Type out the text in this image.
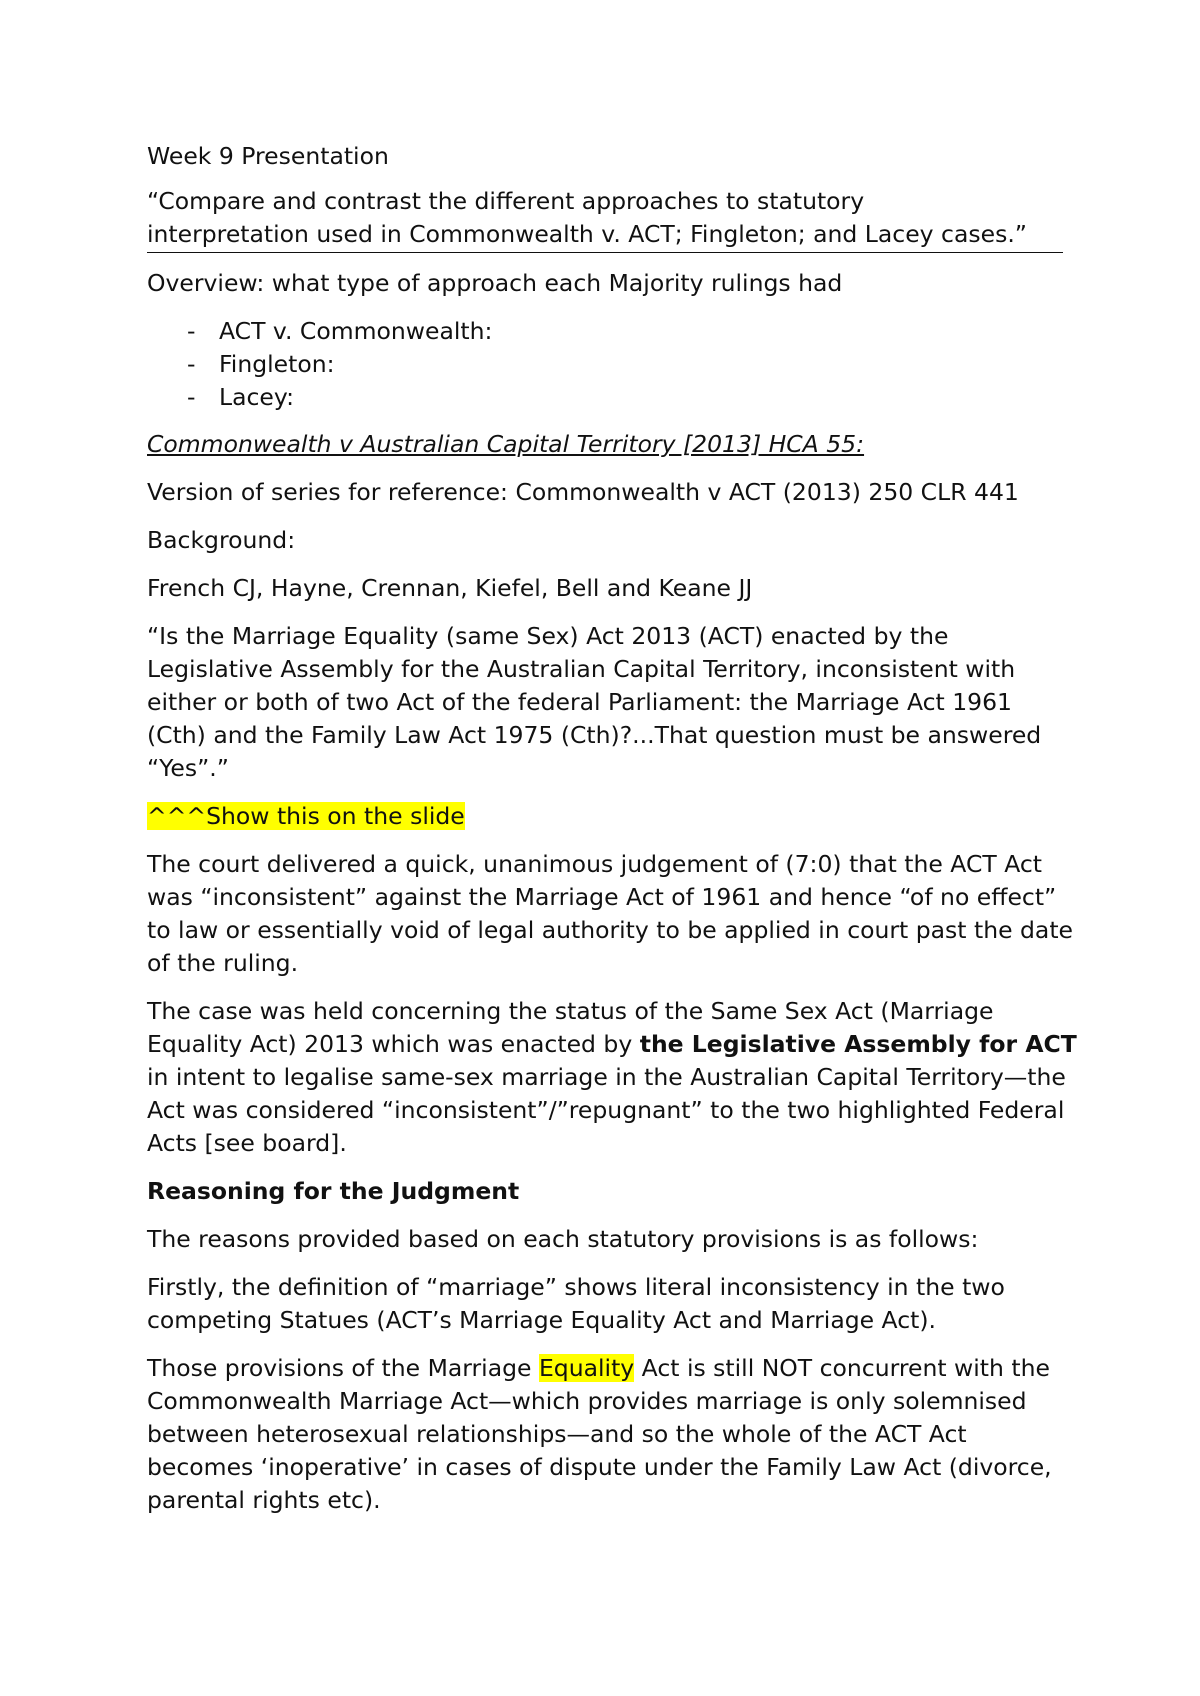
Week 9 Presentation

“Compare and contrast the different approaches to statutory
interpretation used in Commonwealth v. ACT; Fingleton; and Lacey cases.”

Overview: what type of approach each Majority rulings had

- ACT v. Commonwealth:
- Fingleton:
- Lacey:

Commonwealth v Australian Capital Territory [2013] HCA 55:

Version of series for reference: Commonwealth v ACT (2013) 250 CLR 441

Background:

French CJ, Hayne, Crennan, Kiefel, Bell and Keane JJ

“Is the Marriage Equality (same Sex) Act 2013 (ACT) enacted by the Legislative Assembly for the Australian Capital Territory, inconsistent with either or both of two Act of the federal Parliament: the Marriage Act 1961 (Cth) and the Family Law Act 1975 (Cth)?...That question must be answered “Yes”.”

^^^Show this on the slide

The court delivered a quick, unanimous judgement of (7:0) that the ACT Act was “inconsistent” against the Marriage Act of 1961 and hence “of no effect” to law or essentially void of legal authority to be applied in court past the date of the ruling.

The case was held concerning the status of the Same Sex Act (Marriage Equality Act) 2013 which was enacted by the Legislative Assembly for ACT in intent to legalise same-sex marriage in the Australian Capital Territory—the Act was considered “inconsistent”/”repugnant” to the two highlighted Federal Acts [see board].

Reasoning for the Judgment

The reasons provided based on each statutory provisions is as follows:

Firstly, the definition of “marriage” shows literal inconsistency in the two competing Statues (ACT’s Marriage Equality Act and Marriage Act).

Those provisions of the Marriage Equality Act is still NOT concurrent with the Commonwealth Marriage Act—which provides marriage is only solemnised between heterosexual relationships—and so the whole of the ACT Act becomes ‘inoperative’ in cases of dispute under the Family Law Act (divorce, parental rights etc).
